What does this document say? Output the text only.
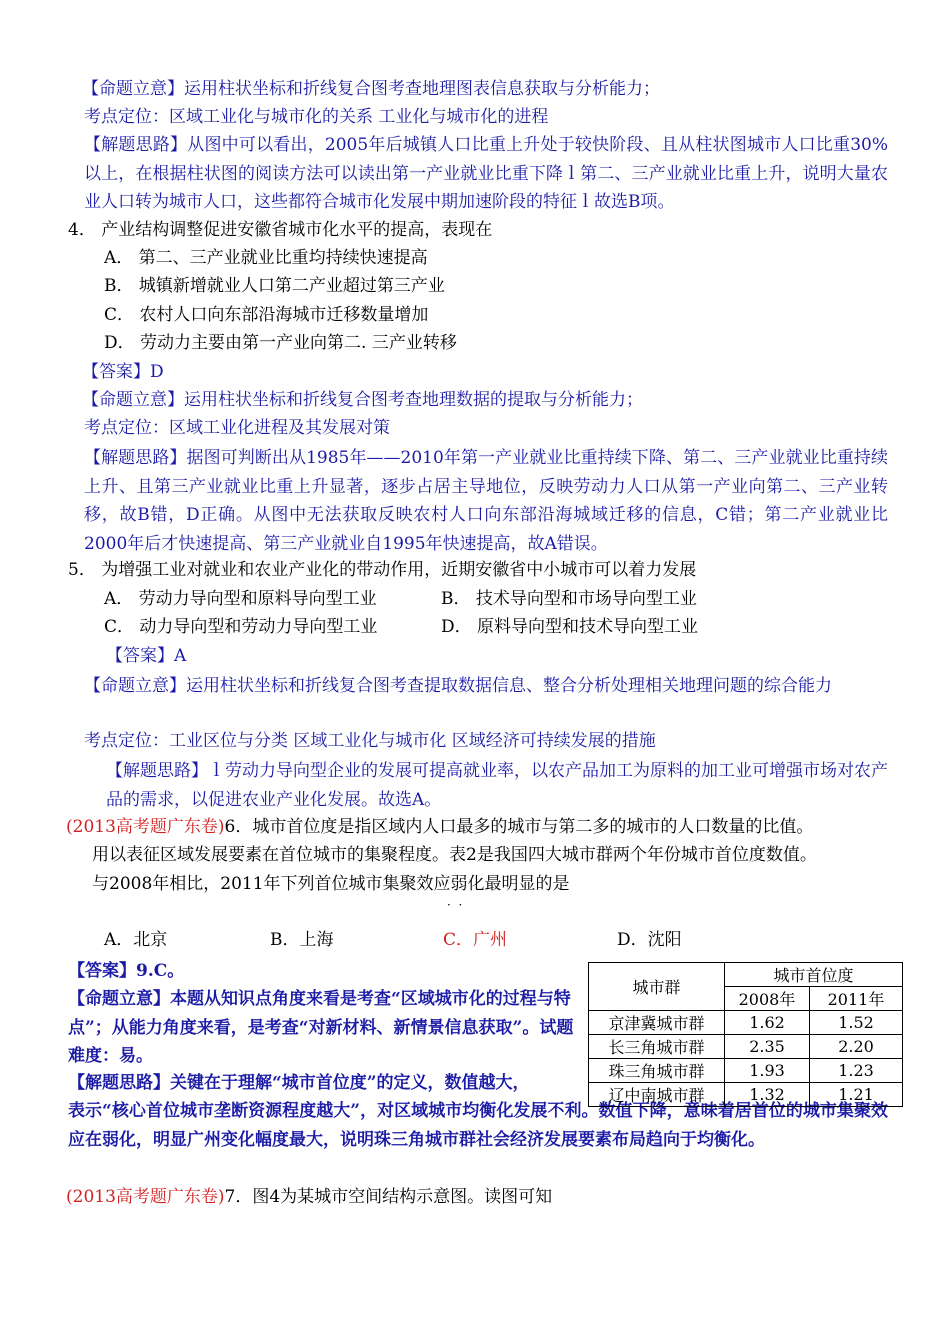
【命题立意】运用柱状坐标和折线复合图考查地理图表信息获取与分析能力；
考点定位：区域工业化与城市化的关系 工业化与城市化的进程
【解题思路】从图中可以看出，2005年后城镇人口比重上升处于较快阶段、且从柱状图城市人口比重30%以上，在根据柱状图的阅读方法可以读出第一产业就业比重下降ｌ第二、三产业就业比重上升，说明大量农业人口转为城市人口，这些都符合城市化发展中期加速阶段的特征ｌ故选B项。
4． 产业结构调整促进安徽省城市化水平的提高，表现在
A． 第二、三产业就业比重均持续快速提高
B． 城镇新增就业人口第二产业超过第三产业
C． 农村人口向东部沿海城市迁移数量增加
D． 劳动力主要由第一产业向第二. 三产业转移
【答案】D
【命题立意】运用柱状坐标和折线复合图考查地理数据的提取与分析能力；
考点定位：区域工业化进程及其发展对策
【解题思路】据图可判断出从1985年——2010年第一产业就业比重持续下降、第二、三产业就业比重持续上升、且第三产业就业比重上升显著，逐步占居主导地位，反映劳动力人口从第一产业向第二、三产业转移，故B错，D正确。从图中无法获取反映农村人口向东部沿海城域迁移的信息，C错；第二产业就业比2000年后才快速提高、第三产业就业自1995年快速提高，故A错误。
5． 为增强工业对就业和农业产业化的带动作用，近期安徽省中小城市可以着力发展
A． 劳动力导向型和原料导向型工业	B． 技术导向型和市场导向型工业
C． 动力导向型和劳动力导向型工业	D． 原料导向型和技术导向型工业
【答案】A
【命题立意】运用柱状坐标和折线复合图考查提取数据信息、整合分析处理相关地理问题的综合能力
考点定位：工业区位与分类 区域工业化与城市化 区域经济可持续发展的措施
【解题思路】ｌ劳动力导向型企业的发展可提高就业率，以农产品加工为原料的加工业可增强市场对农产品的需求，以促进农业产业化发展。故选A。
(2013高考题广东卷)6．城市首位度是指区域内人口最多的城市与第二多的城市的人口数量的比值。
用以表征区域发展要素在首位城市的集聚程度。表2是我国四大城市群两个年份城市首位度数值。
与2008年相比，2011年下列首位城市集聚效应弱化最明显的是
·  ·
A．北京	B．上海	C．广州	D．沈阳
【答案】9.C。
【命题立意】本题从知识点角度来看是考查“区域城市化的过程与特点”；从能力角度来看，是考查“对新材料、新情景信息获取”。试题难度：易。
【解题思路】关键在于理解“城市首位度”的定义，数值越大，
表示“核心首位城市垄断资源程度越大”，对区域城市均衡化发展不利。数值下降，意味着居首位的城市集聚效应在弱化，明显广州变化幅度最大，说明珠三角城市群社会经济发展要素布局趋向于均衡化。
城市群	城市首位度	
	2008年	2011年
京津冀城市群	1.62	1.52
长三角城市群	2.35	2.20
珠三角城市群	1.93	1.23
辽中南城市群	1.32	1.21
(2013高考题广东卷)7．图4为某城市空间结构示意图。读图可知
